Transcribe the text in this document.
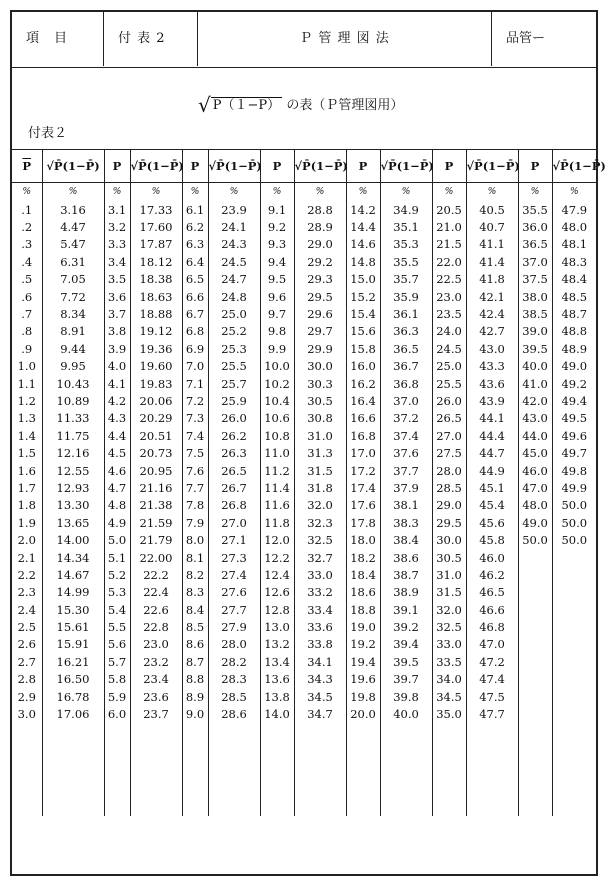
項　目	付 表 2	Ｐ 管 理 図 法	品管ー
√ $P(1-\overline{P})$ の表（Ｐ管理図用）
付表２
$\overline{P}$	√P̄(1−P̄)	P	√P̄(1−P̄)	P	√P̄(1−P̄)	P	√P̄(1−P̄)	P	√P̄(1−P̄)	P	√P̄(1−P̄)	P	√P̄(1−P̄)
%	%	%	%	%	%	%	%	%	%	%	%	%	%
.1	3.16	3.1	17.33	6.1	23.9	9.1	28.8	14.2	34.9	20.5	40.5	35.5	47.9
.2	4.47	3.2	17.60	6.2	24.1	9.2	28.9	14.4	35.1	21.0	40.7	36.0	48.0
.3	5.47	3.3	17.87	6.3	24.3	9.3	29.0	14.6	35.3	21.5	41.1	36.5	48.1
.4	6.31	3.4	18.12	6.4	24.5	9.4	29.2	14.8	35.5	22.0	41.4	37.0	48.3
.5	7.05	3.5	18.38	6.5	24.7	9.5	29.3	15.0	35.7	22.5	41.8	37.5	48.4
.6	7.72	3.6	18.63	6.6	24.8	9.6	29.5	15.2	35.9	23.0	42.1	38.0	48.5
.7	8.34	3.7	18.88	6.7	25.0	9.7	29.6	15.4	36.1	23.5	42.4	38.5	48.7
.8	8.91	3.8	19.12	6.8	25.2	9.8	29.7	15.6	36.3	24.0	42.7	39.0	48.8
.9	9.44	3.9	19.36	6.9	25.3	9.9	29.9	15.8	36.5	24.5	43.0	39.5	48.9
1.0	9.95	4.0	19.60	7.0	25.5	10.0	30.0	16.0	36.7	25.0	43.3	40.0	49.0
1.1	10.43	4.1	19.83	7.1	25.7	10.2	30.3	16.2	36.8	25.5	43.6	41.0	49.2
1.2	10.89	4.2	20.06	7.2	25.9	10.4	30.5	16.4	37.0	26.0	43.9	42.0	49.4
1.3	11.33	4.3	20.29	7.3	26.0	10.6	30.8	16.6	37.2	26.5	44.1	43.0	49.5
1.4	11.75	4.4	20.51	7.4	26.2	10.8	31.0	16.8	37.4	27.0	44.4	44.0	49.6
1.5	12.16	4.5	20.73	7.5	26.3	11.0	31.3	17.0	37.6	27.5	44.7	45.0	49.7
1.6	12.55	4.6	20.95	7.6	26.5	11.2	31.5	17.2	37.7	28.0	44.9	46.0	49.8
1.7	12.93	4.7	21.16	7.7	26.7	11.4	31.8	17.4	37.9	28.5	45.1	47.0	49.9
1.8	13.30	4.8	21.38	7.8	26.8	11.6	32.0	17.6	38.1	29.0	45.4	48.0	50.0
1.9	13.65	4.9	21.59	7.9	27.0	11.8	32.3	17.8	38.3	29.5	45.6	49.0	50.0
2.0	14.00	5.0	21.79	8.0	27.1	12.0	32.5	18.0	38.4	30.0	45.8	50.0	50.0
2.1	14.34	5.1	22.00	8.1	27.3	12.2	32.7	18.2	38.6	30.5	46.0		
2.2	14.67	5.2	22.2	8.2	27.4	12.4	33.0	18.4	38.7	31.0	46.2		
2.3	14.99	5.3	22.4	8.3	27.6	12.6	33.2	18.6	38.9	31.5	46.5		
2.4	15.30	5.4	22.6	8.4	27.7	12.8	33.4	18.8	39.1	32.0	46.6		
2.5	15.61	5.5	22.8	8.5	27.9	13.0	33.6	19.0	39.2	32.5	46.8		
2.6	15.91	5.6	23.0	8.6	28.0	13.2	33.8	19.2	39.4	33.0	47.0		
2.7	16.21	5.7	23.2	8.7	28.2	13.4	34.1	19.4	39.5	33.5	47.2		
2.8	16.50	5.8	23.4	8.8	28.3	13.6	34.3	19.6	39.7	34.0	47.4		
2.9	16.78	5.9	23.6	8.9	28.5	13.8	34.5	19.8	39.8	34.5	47.5		
3.0	17.06	6.0	23.7	9.0	28.6	14.0	34.7	20.0	40.0	35.0	47.7		
